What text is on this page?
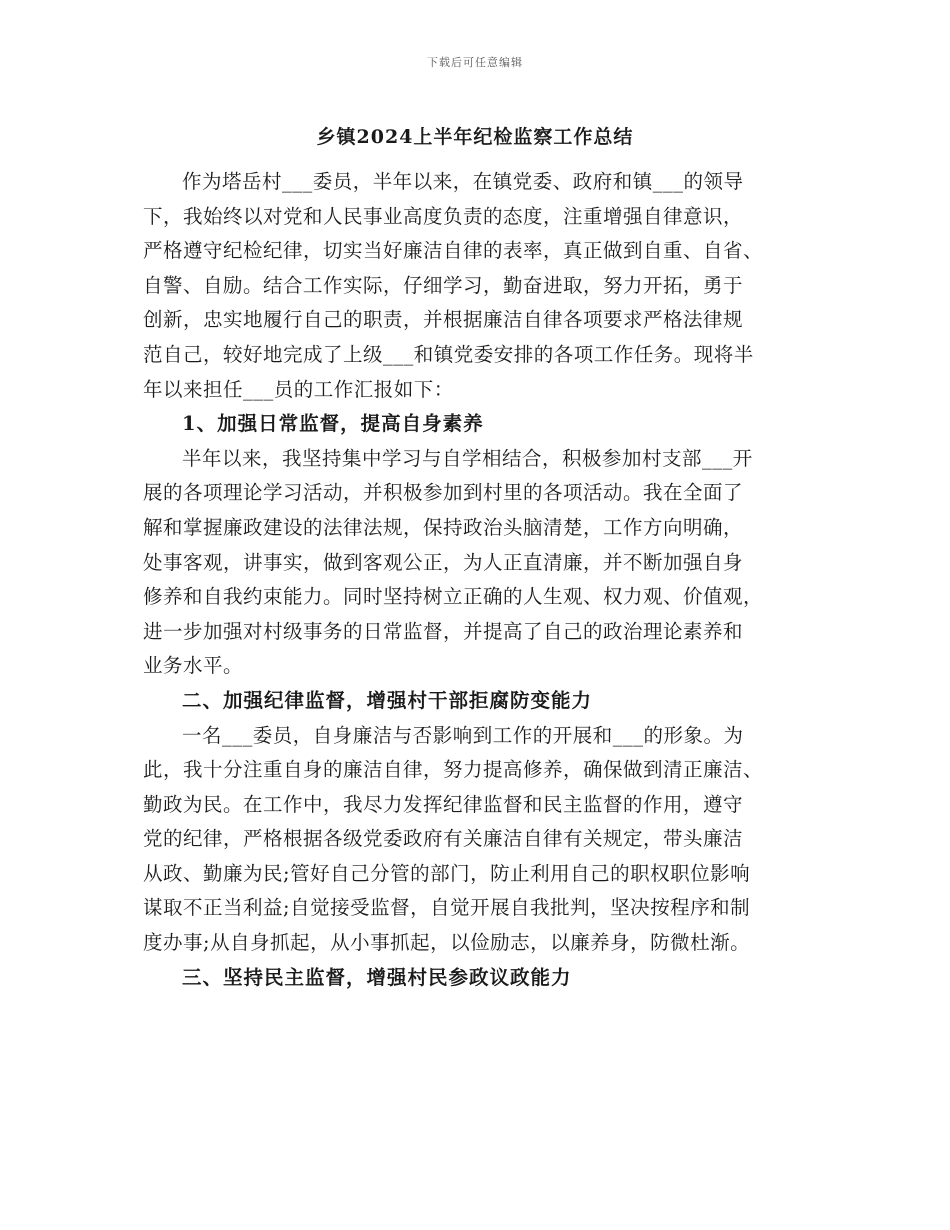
下载后可任意编辑
乡镇2024上半年纪检监察工作总结

作为塔岳村___委员，半年以来，在镇党委、政府和镇___的领导
下，我始终以对党和人民事业高度负责的态度，注重增强自律意识，
严格遵守纪检纪律，切实当好廉洁自律的表率，真正做到自重、自省、
自警、自励。结合工作实际，仔细学习，勤奋进取，努力开拓，勇于
创新，忠实地履行自己的职责，并根据廉洁自律各项要求严格法律规
范自己，较好地完成了上级___和镇党委安排的各项工作任务。现将半
年以来担任___员的工作汇报如下：

1、加强日常监督，提高自身素养

半年以来，我坚持集中学习与自学相结合，积极参加村支部___开
展的各项理论学习活动，并积极参加到村里的各项活动。我在全面了
解和掌握廉政建设的法律法规，保持政治头脑清楚，工作方向明确，
处事客观，讲事实，做到客观公正，为人正直清廉，并不断加强自身
修养和自我约束能力。同时坚持树立正确的人生观、权力观、价值观，
进一步加强对村级事务的日常监督，并提高了自己的政治理论素养和
业务水平。

二、加强纪律监督，增强村干部拒腐防变能力

一名___委员，自身廉洁与否影响到工作的开展和___的形象。为
此，我十分注重自身的廉洁自律，努力提高修养，确保做到清正廉洁、
勤政为民。在工作中，我尽力发挥纪律监督和民主监督的作用，遵守
党的纪律，严格根据各级党委政府有关廉洁自律有关规定，带头廉洁
从政、勤廉为民;管好自己分管的部门，防止利用自己的职权职位影响
谋取不正当利益;自觉接受监督，自觉开展自我批判，坚决按程序和制
度办事;从自身抓起，从小事抓起，以俭励志，以廉养身，防微杜渐。

三、坚持民主监督，增强村民参政议政能力
